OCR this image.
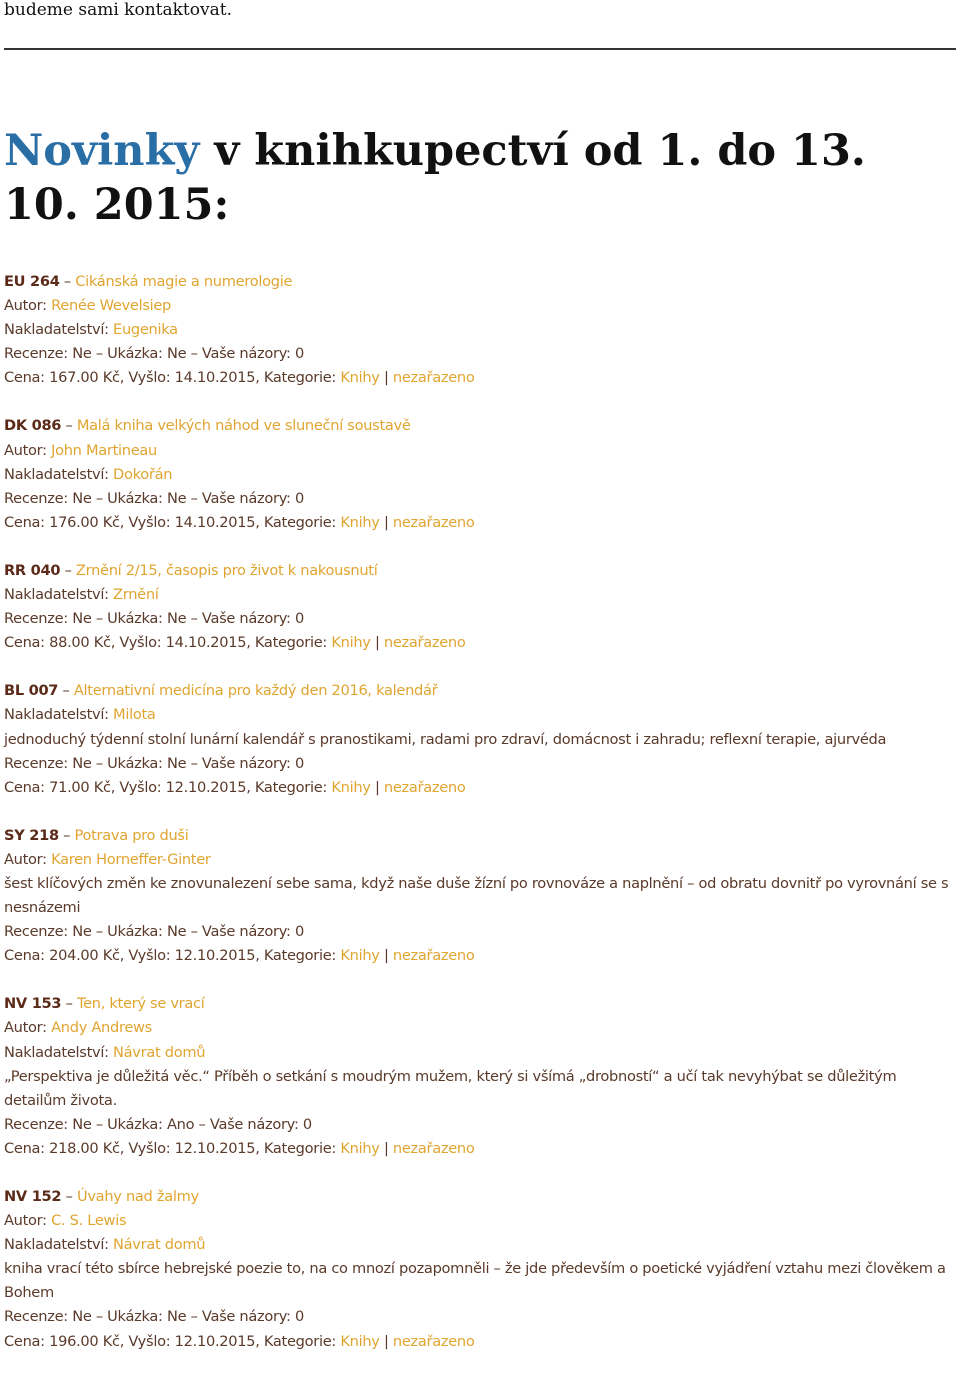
budeme sami kontaktovat.
Novinky v knihkupectví od 1. do 13. 10. 2015:
EU 264 – Cikánská magie a numerologie
Autor: Renée Wevelsiep
Nakladatelství: Eugenika
Recenze: Ne – Ukázka: Ne – Vaše názory: 0
Cena: 167.00 Kč, Vyšlo: 14.10.2015, Kategorie: Knihy | nezařazeno
DK 086 – Malá kniha velkých náhod ve sluneční soustavě
Autor: John Martineau
Nakladatelství: Dokořán
Recenze: Ne – Ukázka: Ne – Vaše názory: 0
Cena: 176.00 Kč, Vyšlo: 14.10.2015, Kategorie: Knihy | nezařazeno
RR 040 – Zrnění 2/15, časopis pro život k nakousnutí
Nakladatelství: Zrnění
Recenze: Ne – Ukázka: Ne – Vaše názory: 0
Cena: 88.00 Kč, Vyšlo: 14.10.2015, Kategorie: Knihy | nezařazeno
BL 007 – Alternativní medicína pro každý den 2016, kalendář
Nakladatelství: Milota
jednoduchý týdenní stolní lunární kalendář s pranostikami, radami pro zdraví, domácnost i zahradu; reflexní terapie, ajurvéda
Recenze: Ne – Ukázka: Ne – Vaše názory: 0
Cena: 71.00 Kč, Vyšlo: 12.10.2015, Kategorie: Knihy | nezařazeno
SY 218 – Potrava pro duši
Autor: Karen Horneffer-Ginter
šest klíčových změn ke znovunalezení sebe sama, když naše duše žízní po rovnováze a naplnění – od obratu dovnitř po vyrovnání se s nesnázemi
Recenze: Ne – Ukázka: Ne – Vaše názory: 0
Cena: 204.00 Kč, Vyšlo: 12.10.2015, Kategorie: Knihy | nezařazeno
NV 153 – Ten, který se vrací
Autor: Andy Andrews
Nakladatelství: Návrat domů
„Perspektiva je důležitá věc.“ Příběh o setkání s moudrým mužem, který si všímá „drobností“ a učí tak nevyhýbat se důležitým detailům života.
Recenze: Ne – Ukázka: Ano – Vaše názory: 0
Cena: 218.00 Kč, Vyšlo: 12.10.2015, Kategorie: Knihy | nezařazeno
NV 152 – Úvahy nad žalmy
Autor: C. S. Lewis
Nakladatelství: Návrat domů
kniha vrací této sbírce hebrejské poezie to, na co mnozí pozapomněli – že jde především o poetické vyjádření vztahu mezi člověkem a Bohem
Recenze: Ne – Ukázka: Ne – Vaše názory: 0
Cena: 196.00 Kč, Vyšlo: 12.10.2015, Kategorie: Knihy | nezařazeno
